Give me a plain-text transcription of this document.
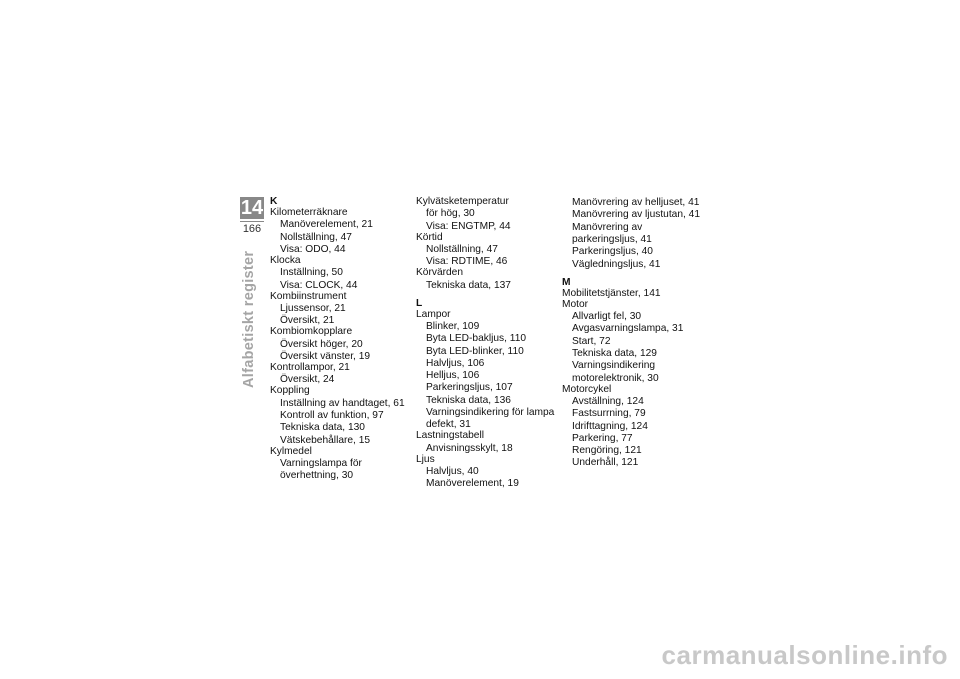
14
166
Alfabetiskt register
K
Kilometerräknare
Manöverelement, 21
Nollställning, 47
Visa: ODO, 44
Klocka
Inställning, 50
Visa: CLOCK, 44
Kombiinstrument
Ljussensor, 21
Översikt, 21
Kombiomkopplare
Översikt höger, 20
Översikt vänster, 19
Kontrollampor, 21
Översikt, 24
Koppling
Inställning av handtaget, 61
Kontroll av funktion, 97
Tekniska data, 130
Vätskebehållare, 15
Kylmedel
Varningslampa för
överhettning, 30
Kylvätsketemperatur
för hög, 30
Visa: ENGTMP, 44
Körtid
Nollställning, 47
Visa: RDTIME, 46
Körvärden
Tekniska data, 137
L
Lampor
Blinker, 109
Byta LED-bakljus, 110
Byta LED-blinker, 110
Halvljus, 106
Helljus, 106
Parkeringsljus, 107
Tekniska data, 136
Varningsindikering för lampa
defekt, 31
Lastningstabell
Anvisningsskylt, 18
Ljus
Halvljus, 40
Manöverelement, 19
Manövrering av helljuset, 41
Manövrering av ljustutan, 41
Manövrering av
parkeringsljus, 41
Parkeringsljus, 40
Vägledningsljus, 41
M
Mobilitetstjänster, 141
Motor
Allvarligt fel, 30
Avgasvarningslampa, 31
Start, 72
Tekniska data, 129
Varningsindikering
motorelektronik, 30
Motorcykel
Avställning, 124
Fastsurrning, 79
Idrifttagning, 124
Parkering, 77
Rengöring, 121
Underhåll, 121
carmanualsonline.info
